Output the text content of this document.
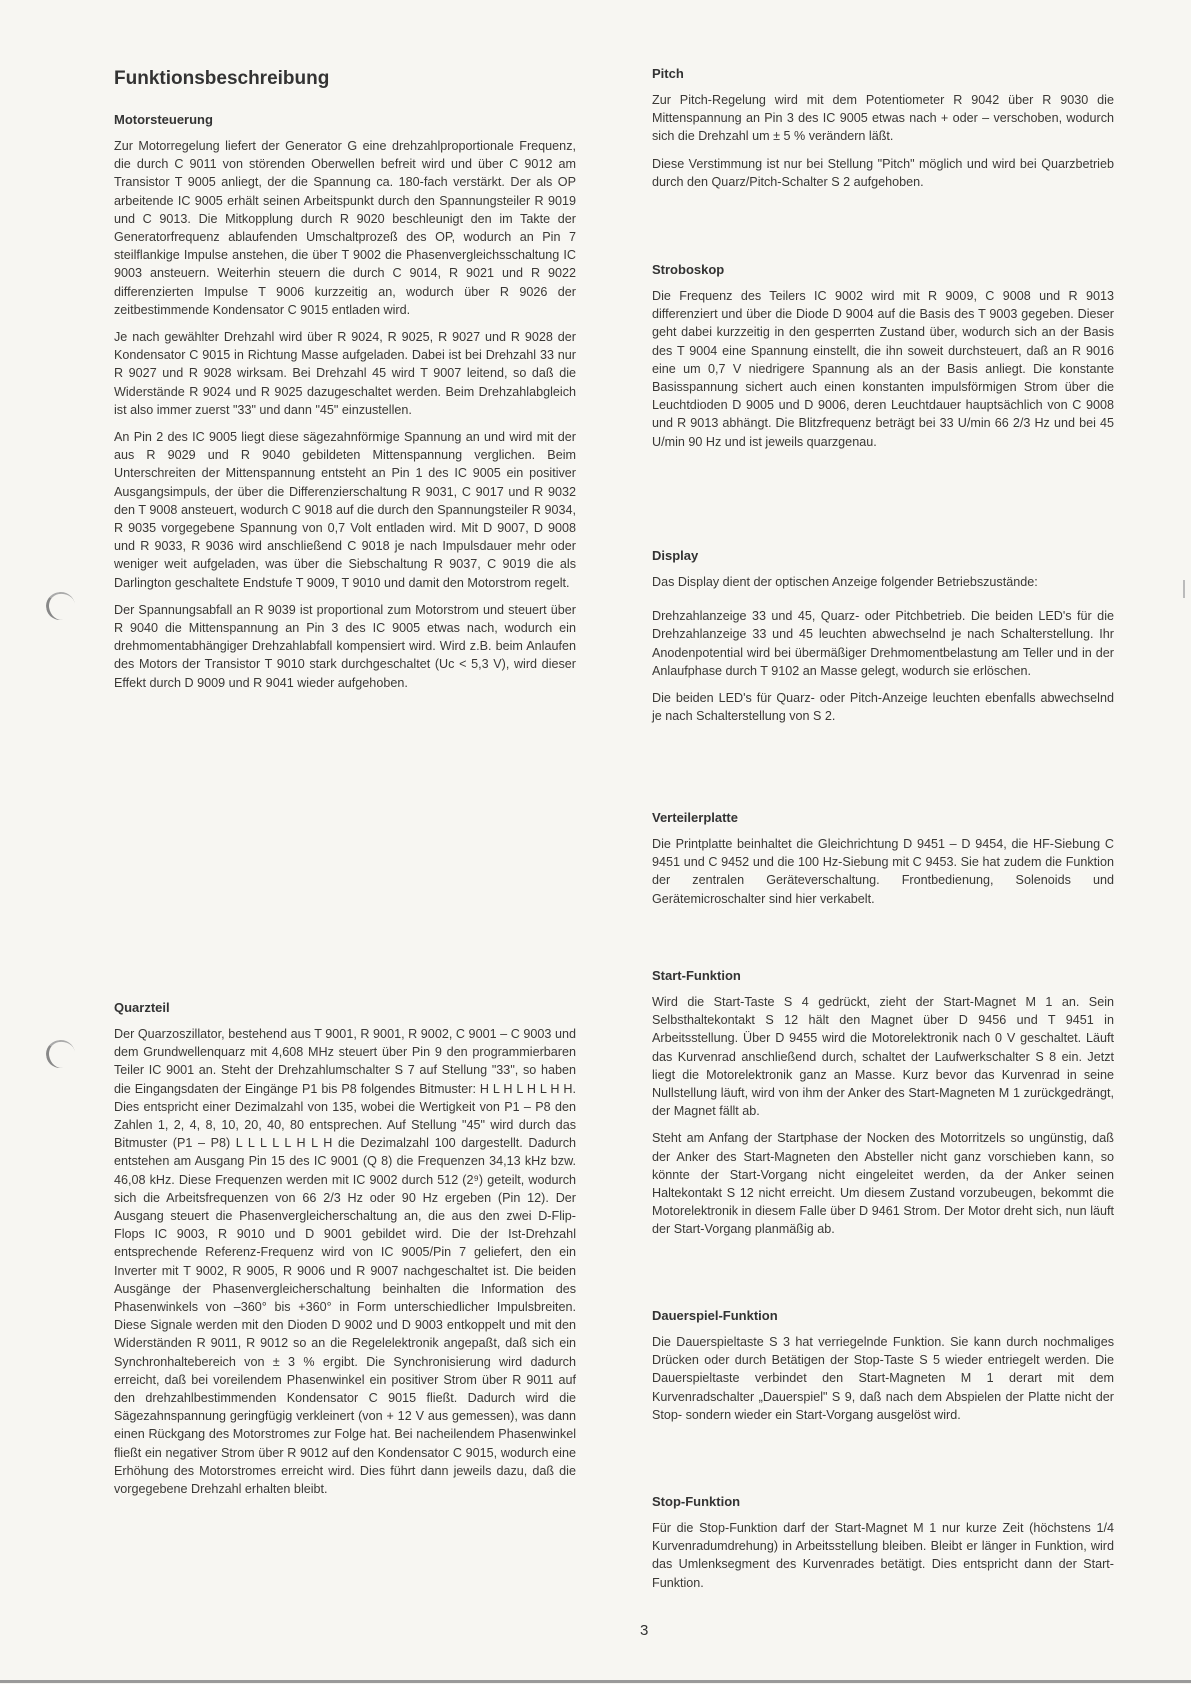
Funktionsbeschreibung
Motorsteuerung

Zur Motorregelung liefert der Generator G eine drehzahlproportionale Frequenz, die durch C 9011 von störenden Oberwellen befreit wird und über C 9012 am Transistor T 9005 anliegt, der die Spannung ca. 180-fach verstärkt. Der als OP arbeitende IC 9005 erhält seinen Arbeitspunkt durch den Spannungsteiler R 9019 und C 9013. Die Mitkopplung durch R 9020 beschleunigt den im Takte der Generatorfrequenz ablaufenden Umschaltprozeß des OP, wodurch an Pin 7 steilflankige Impulse anstehen, die über T 9002 die Phasenvergleichsschaltung IC 9003 ansteuern. Weiterhin steuern die durch C 9014, R 9021 und R 9022 differenzierten Impulse T 9006 kurzzeitig an, wodurch über R 9026 der zeitbestimmende Kondensator C 9015 entladen wird.

Je nach gewählter Drehzahl wird über R 9024, R 9025, R 9027 und R 9028 der Kondensator C 9015 in Richtung Masse aufgeladen. Dabei ist bei Drehzahl 33 nur R 9027 und R 9028 wirksam. Bei Drehzahl 45 wird T 9007 leitend, so daß die Widerstände R 9024 und R 9025 dazugeschaltet werden. Beim Drehzahlabgleich ist also immer zuerst "33" und dann "45" einzustellen.

An Pin 2 des IC 9005 liegt diese sägezahnförmige Spannung an und wird mit der aus R 9029 und R 9040 gebildeten Mittenspannung verglichen. Beim Unterschreiten der Mittenspannung entsteht an Pin 1 des IC 9005 ein positiver Ausgangsimpuls, der über die Differenzierschaltung R 9031, C 9017 und R 9032 den T 9008 ansteuert, wodurch C 9018 auf die durch den Spannungsteiler R 9034, R 9035 vorgegebene Spannung von 0,7 Volt entladen wird. Mit D 9007, D 9008 und R 9033, R 9036 wird anschließend C 9018 je nach Impulsdauer mehr oder weniger weit aufgeladen, was über die Siebschaltung R 9037, C 9019 die als Darlington geschaltete Endstufe T 9009, T 9010 und damit den Motorstrom regelt.

Der Spannungsabfall an R 9039 ist proportional zum Motorstrom und steuert über R 9040 die Mittenspannung an Pin 3 des IC 9005 etwas nach, wodurch ein drehmomentabhängiger Drehzahlabfall kompensiert wird. Wird z.B. beim Anlaufen des Motors der Transistor T 9010 stark durchgeschaltet (Uc < 5,3 V), wird dieser Effekt durch D 9009 und R 9041 wieder aufgehoben.

Quarzteil

Der Quarzoszillator, bestehend aus T 9001, R 9001, R 9002, C 9001 – C 9003 und dem Grundwellenquarz mit 4,608 MHz steuert über Pin 9 den programmierbaren Teiler IC 9001 an. Steht der Drehzahlumschalter S 7 auf Stellung "33", so haben die Eingangsdaten der Eingänge P1 bis P8 folgendes Bitmuster: H L H L H L H H. Dies entspricht einer Dezimalzahl von 135, wobei die Wertigkeit von P1 – P8 den Zahlen 1, 2, 4, 8, 10, 20, 40, 80 entsprechen. Auf Stellung "45" wird durch das Bitmuster (P1 – P8) L L L L L H L H die Dezimalzahl 100 dargestellt. Dadurch entstehen am Ausgang Pin 15 des IC 9001 (Q 8) die Frequenzen 34,13 kHz bzw. 46,08 kHz. Diese Frequenzen werden mit IC 9002 durch 512 (2⁹) geteilt, wodurch sich die Arbeitsfrequenzen von 66 2/3 Hz oder 90 Hz ergeben (Pin 12). Der Ausgang steuert die Phasenvergleicherschaltung an, die aus den zwei D-Flip-Flops IC 9003, R 9010 und D 9001 gebildet wird. Die der Ist-Drehzahl entsprechende Referenz-Frequenz wird von IC 9005/Pin 7 geliefert, den ein Inverter mit T 9002, R 9005, R 9006 und R 9007 nachgeschaltet ist. Die beiden Ausgänge der Phasenvergleicherschaltung beinhalten die Information des Phasenwinkels von –360° bis +360° in Form unterschiedlicher Impulsbreiten. Diese Signale werden mit den Dioden D 9002 und D 9003 entkoppelt und mit den Widerständen R 9011, R 9012 so an die Regelelektronik angepaßt, daß sich ein Synchronhaltebereich von ± 3 % ergibt. Die Synchronisierung wird dadurch erreicht, daß bei voreilendem Phasenwinkel ein positiver Strom über R 9011 auf den drehzahlbestimmenden Kondensator C 9015 fließt. Dadurch wird die Sägezahnspannung geringfügig verkleinert (von + 12 V aus gemessen), was dann einen Rückgang des Motorstromes zur Folge hat. Bei nacheilendem Phasenwinkel fließt ein negativer Strom über R 9012 auf den Kondensator C 9015, wodurch eine Erhöhung des Motorstromes erreicht wird. Dies führt dann jeweils dazu, daß die vorgegebene Drehzahl erhalten bleibt.

Pitch

Zur Pitch-Regelung wird mit dem Potentiometer R 9042 über R 9030 die Mittenspannung an Pin 3 des IC 9005 etwas nach + oder – verschoben, wodurch sich die Drehzahl um ± 5 % verändern läßt.

Diese Verstimmung ist nur bei Stellung "Pitch" möglich und wird bei Quarzbetrieb durch den Quarz/Pitch-Schalter S 2 aufgehoben.

Stroboskop

Die Frequenz des Teilers IC 9002 wird mit R 9009, C 9008 und R 9013 differenziert und über die Diode D 9004 auf die Basis des T 9003 gegeben. Dieser geht dabei kurzzeitig in den gesperrten Zustand über, wodurch sich an der Basis des T 9004 eine Spannung einstellt, die ihn soweit durchsteuert, daß an R 9016 eine um 0,7 V niedrigere Spannung als an der Basis anliegt. Die konstante Basisspannung sichert auch einen konstanten impulsförmigen Strom über die Leuchtdioden D 9005 und D 9006, deren Leuchtdauer hauptsächlich von C 9008 und R 9013 abhängt. Die Blitzfrequenz beträgt bei 33 U/min 66 2/3 Hz und bei 45 U/min 90 Hz und ist jeweils quarzgenau.

Display

Das Display dient der optischen Anzeige folgender Betriebszustände:

Drehzahlanzeige 33 und 45, Quarz- oder Pitchbetrieb. Die beiden LED's für die Drehzahlanzeige 33 und 45 leuchten abwechselnd je nach Schalterstellung. Ihr Anodenpotential wird bei übermäßiger Drehmomentbelastung am Teller und in der Anlaufphase durch T 9102 an Masse gelegt, wodurch sie erlöschen.

Die beiden LED's für Quarz- oder Pitch-Anzeige leuchten ebenfalls abwechselnd je nach Schalterstellung von S 2.

Verteilerplatte

Die Printplatte beinhaltet die Gleichrichtung D 9451 – D 9454, die HF-Siebung C 9451 und C 9452 und die 100 Hz-Siebung mit C 9453. Sie hat zudem die Funktion der zentralen Geräteverschaltung. Frontbedienung, Solenoids und Gerätemicroschalter sind hier verkabelt.

Start-Funktion

Wird die Start-Taste S 4 gedrückt, zieht der Start-Magnet M 1 an. Sein Selbsthaltekontakt S 12 hält den Magnet über D 9456 und T 9451 in Arbeitsstellung. Über D 9455 wird die Motorelektronik nach 0 V geschaltet. Läuft das Kurvenrad anschließend durch, schaltet der Laufwerkschalter S 8 ein. Jetzt liegt die Motorelektronik ganz an Masse. Kurz bevor das Kurvenrad in seine Nullstellung läuft, wird von ihm der Anker des Start-Magneten M 1 zurückgedrängt, der Magnet fällt ab.

Steht am Anfang der Startphase der Nocken des Motorritzels so ungünstig, daß der Anker des Start-Magneten den Absteller nicht ganz vorschieben kann, so könnte der Start-Vorgang nicht eingeleitet werden, da der Anker seinen Haltekontakt S 12 nicht erreicht. Um diesem Zustand vorzubeugen, bekommt die Motorelektronik in diesem Falle über D 9461 Strom. Der Motor dreht sich, nun läuft der Start-Vorgang planmäßig ab.

Dauerspiel-Funktion

Die Dauerspieltaste S 3 hat verriegelnde Funktion. Sie kann durch nochmaliges Drücken oder durch Betätigen der Stop-Taste S 5 wieder entriegelt werden. Die Dauerspieltaste verbindet den Start-Magneten M 1 derart mit dem Kurvenradschalter „Dauerspiel" S 9, daß nach dem Abspielen der Platte nicht der Stop- sondern wieder ein Start-Vorgang ausgelöst wird.

Stop-Funktion

Für die Stop-Funktion darf der Start-Magnet M 1 nur kurze Zeit (höchstens 1/4 Kurvenradumdrehung) in Arbeitsstellung bleiben. Bleibt er länger in Funktion, wird das Umlenksegment des Kurvenrades betätigt. Dies entspricht dann der Start-Funktion.

3
